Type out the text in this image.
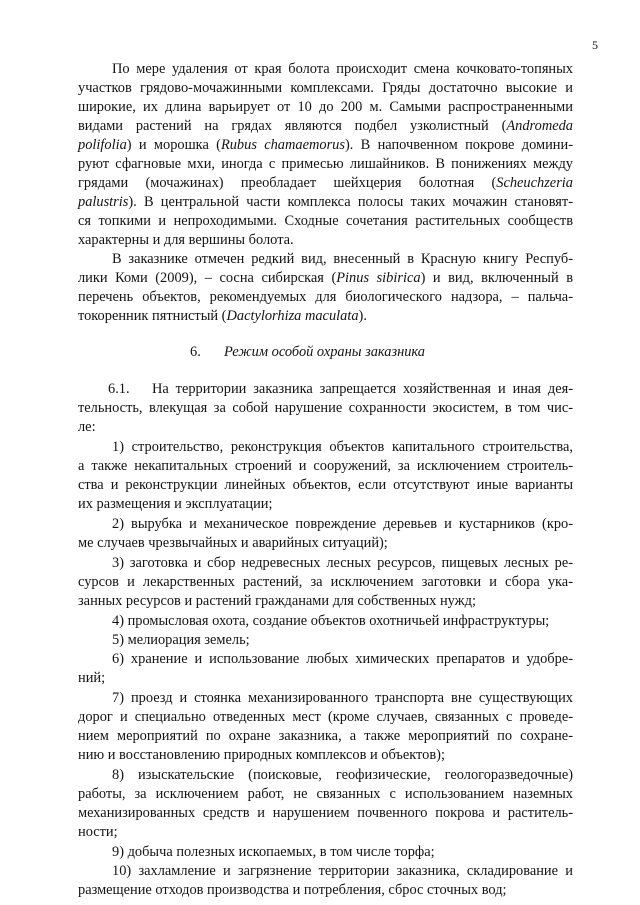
5

По мере удаления от края болота происходит смена кочковато-топяных

участков грядово-мочажинными комплексами. Гряды достаточно высокие и

широкие, их длина варьирует от 10 до 200 м. Самыми распространенными

видами растений на грядах являются подбел узколистный (Andromeda

polifolia) и морошка (Rubus chamaemorus). В напочвенном покрове домини-

руют сфагновые мхи, иногда с примесью лишайников. В понижениях между

грядами (мочажинах) преобладает шейхцерия болотная (Scheuchzeria

palustris). В центральной части комплекса полосы таких мочажин становят-

ся топкими и непроходимыми. Сходные сочетания растительных сообществ

характерны и для вершины болота.

В заказнике отмечен редкий вид, внесенный в Красную книгу Респуб-

лики Коми (2009), – сосна сибирская (Pinus sibirica) и вид, включенный в

перечень объектов, рекомендуемых для биологического надзора, – пальча-

токоренник пятнистый (Dactylorhiza maculata).

6. Режим особой охраны заказника

6.1. На территории заказника запрещается хозяйственная и иная дея-

тельность, влекущая за собой нарушение сохранности экосистем, в том чис-

ле:

1) строительство, реконструкция объектов капитального строительства,

а также некапитальных строений и сооружений, за исключением строитель-

ства и реконструкции линейных объектов, если отсутствуют иные варианты

их размещения и эксплуатации;

2) вырубка и механическое повреждение деревьев и кустарников (кро-

ме случаев чрезвычайных и аварийных ситуаций);

3) заготовка и сбор недревесных лесных ресурсов, пищевых лесных ре-

сурсов и лекарственных растений, за исключением заготовки и сбора ука-

занных ресурсов и растений гражданами для собственных нужд;

4) промысловая охота, создание объектов охотничьей инфраструктуры;

5) мелиорация земель;

6) хранение и использование любых химических препаратов и удобре-

ний;

7) проезд и стоянка механизированного транспорта вне существующих

дорог и специально отведенных мест (кроме случаев, связанных с проведе-

нием мероприятий по охране заказника, а также мероприятий по сохране-

нию и восстановлению природных комплексов и объектов);

8) изыскательские (поисковые, геофизические, геологоразведочные)

работы, за исключением работ, не связанных с использованием наземных

механизированных средств и нарушением почвенного покрова и раститель-

ности;

9) добыча полезных ископаемых, в том числе торфа;

10) захламление и загрязнение территории заказника, складирование и

размещение отходов производства и потребления, сброс сточных вод;
